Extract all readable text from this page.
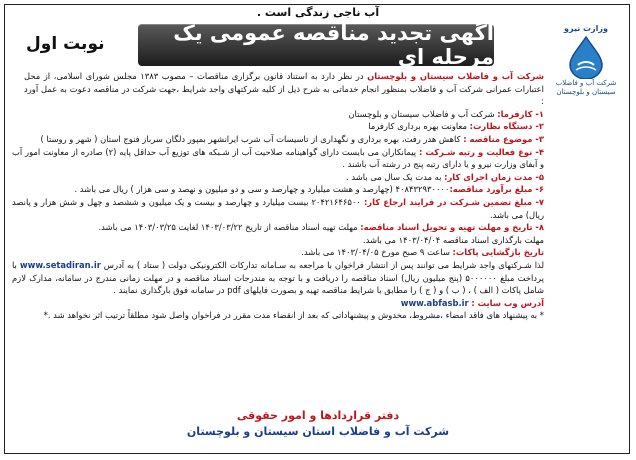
آب ناجی زندگی است .
آگهی تجدید مناقصه عمومی یک مرحله ای
نوبت اول
وزارت نیرو
شرکت آب و فاضلاب
سیستان و بلوچستان

شرکت آب و فاضلاب سیستان و بلوچستان در نظر دارد به استناد قانون برگزاری مناقصات – مصوب ۱۳۸۳ مجلس شورای اسلامی، از محل اعتبارات عمرانی شرکت آب و فاضلاب بمنظور انجام خدماتی به شرح ذیل از کلیه شرکتهای واجد شرایط ،جهت شرکت در مناقصه دعوت به عمل آورد :

۱- کارفرما: شرکت آب و فاضلاب سیستان و بلوچستان

۲- دستگاه نظارت: معاونت بهره برداری کارفرما

۳- موضوع مناقصه : کاهش هدر رفت، بهره برداری و نگهداری از تاسیسات آب شرب ایرانشهر بمپور دلگان سرباز فنوج استان ( شهر و روستا )

۴- نوع فعالیت و رتبه شـرکت : پیمانکاران می بایست دارای گواهینامه صلاحیت آب از شـبکه های توزیع آب حداقل پایه (۲) صادره از معاونت امور آب و آبفای وزارت نیرو و یا دارای رتبه پنج در رشته آب باشند .

۵- مدت زمان اجرای کار: به مدت یک سال می باشد .

۶- مبلغ برآورد مناقصه:۴۰۸۴۳۲۹۳۰۰۰۰ (چهارصد و هشت میلیارد و چهارصد و سی و دو میلیون و نهصد و سی هزار ) ریال می باشد .

۷- مبلغ تضمین شـرکت در فرایند ارجاع کار: ۲۰۴۲۱۶۴۶۵۰۰ بیست میلیارد و چهارصد و بیست و یک میلیون و ششصد و چهل و شش هزار و پانصد ریال) می باشد.

۸- تاریخ و مهلت تهیه و تحویل اسناد مناقصه: مهلت تهیه اسناد مناقصه از تاریخ ۱۴۰۳/۰۳/۲۲ لغایت ۱۴۰۳/۰۳/۲۵ می باشد.

مهلت بارگذاری اسناد مناقصه ۱۴۰۳/۰۴/۰۴ می باشد.

تاریخ بازگشایی پاکات: ساعت ۹ صبح مورخ ۱۴۰۳/۰۴/۰۵ می باشد.

لذا شـرکتهای واجد شرایط می توانند پس از انتشار فراخوان با مراجعه به سـامانه تدارکات الکترونیکی دولت ( ستاد ) به آدرس www.setadiran.ir با پرداخت مبلغ ۵۰۰۰۰۰۰ (پنج میلیون ریال) اسناد مناقصه را دریافت و با توجه به مندرجات اسناد مناقصه و در مهلت زمانی مندرج در سامانه، مدارک لازم شامل پاکات ( الف ) ، ( ب ) و ( ج ) را مطابق با شرایط مناقصه تهیه و بصورت فایلهای pdf در سامانه فوق بارگذاری نمایند .

آدرس وب سایت : www.abfasb.ir

* به پیشنهاد های فاقد امضاء ،مشروط، مخدوش و پیشنهاداتی که بعد از انقضاء مدت مقرر در فراخوان واصل شود مطلقاً ترتیب اثر نخواهد شد .*

دفتر قراردادها و امور حقوقی
شرکت آب و فاضلاب استان سیستان و بلوچستان
